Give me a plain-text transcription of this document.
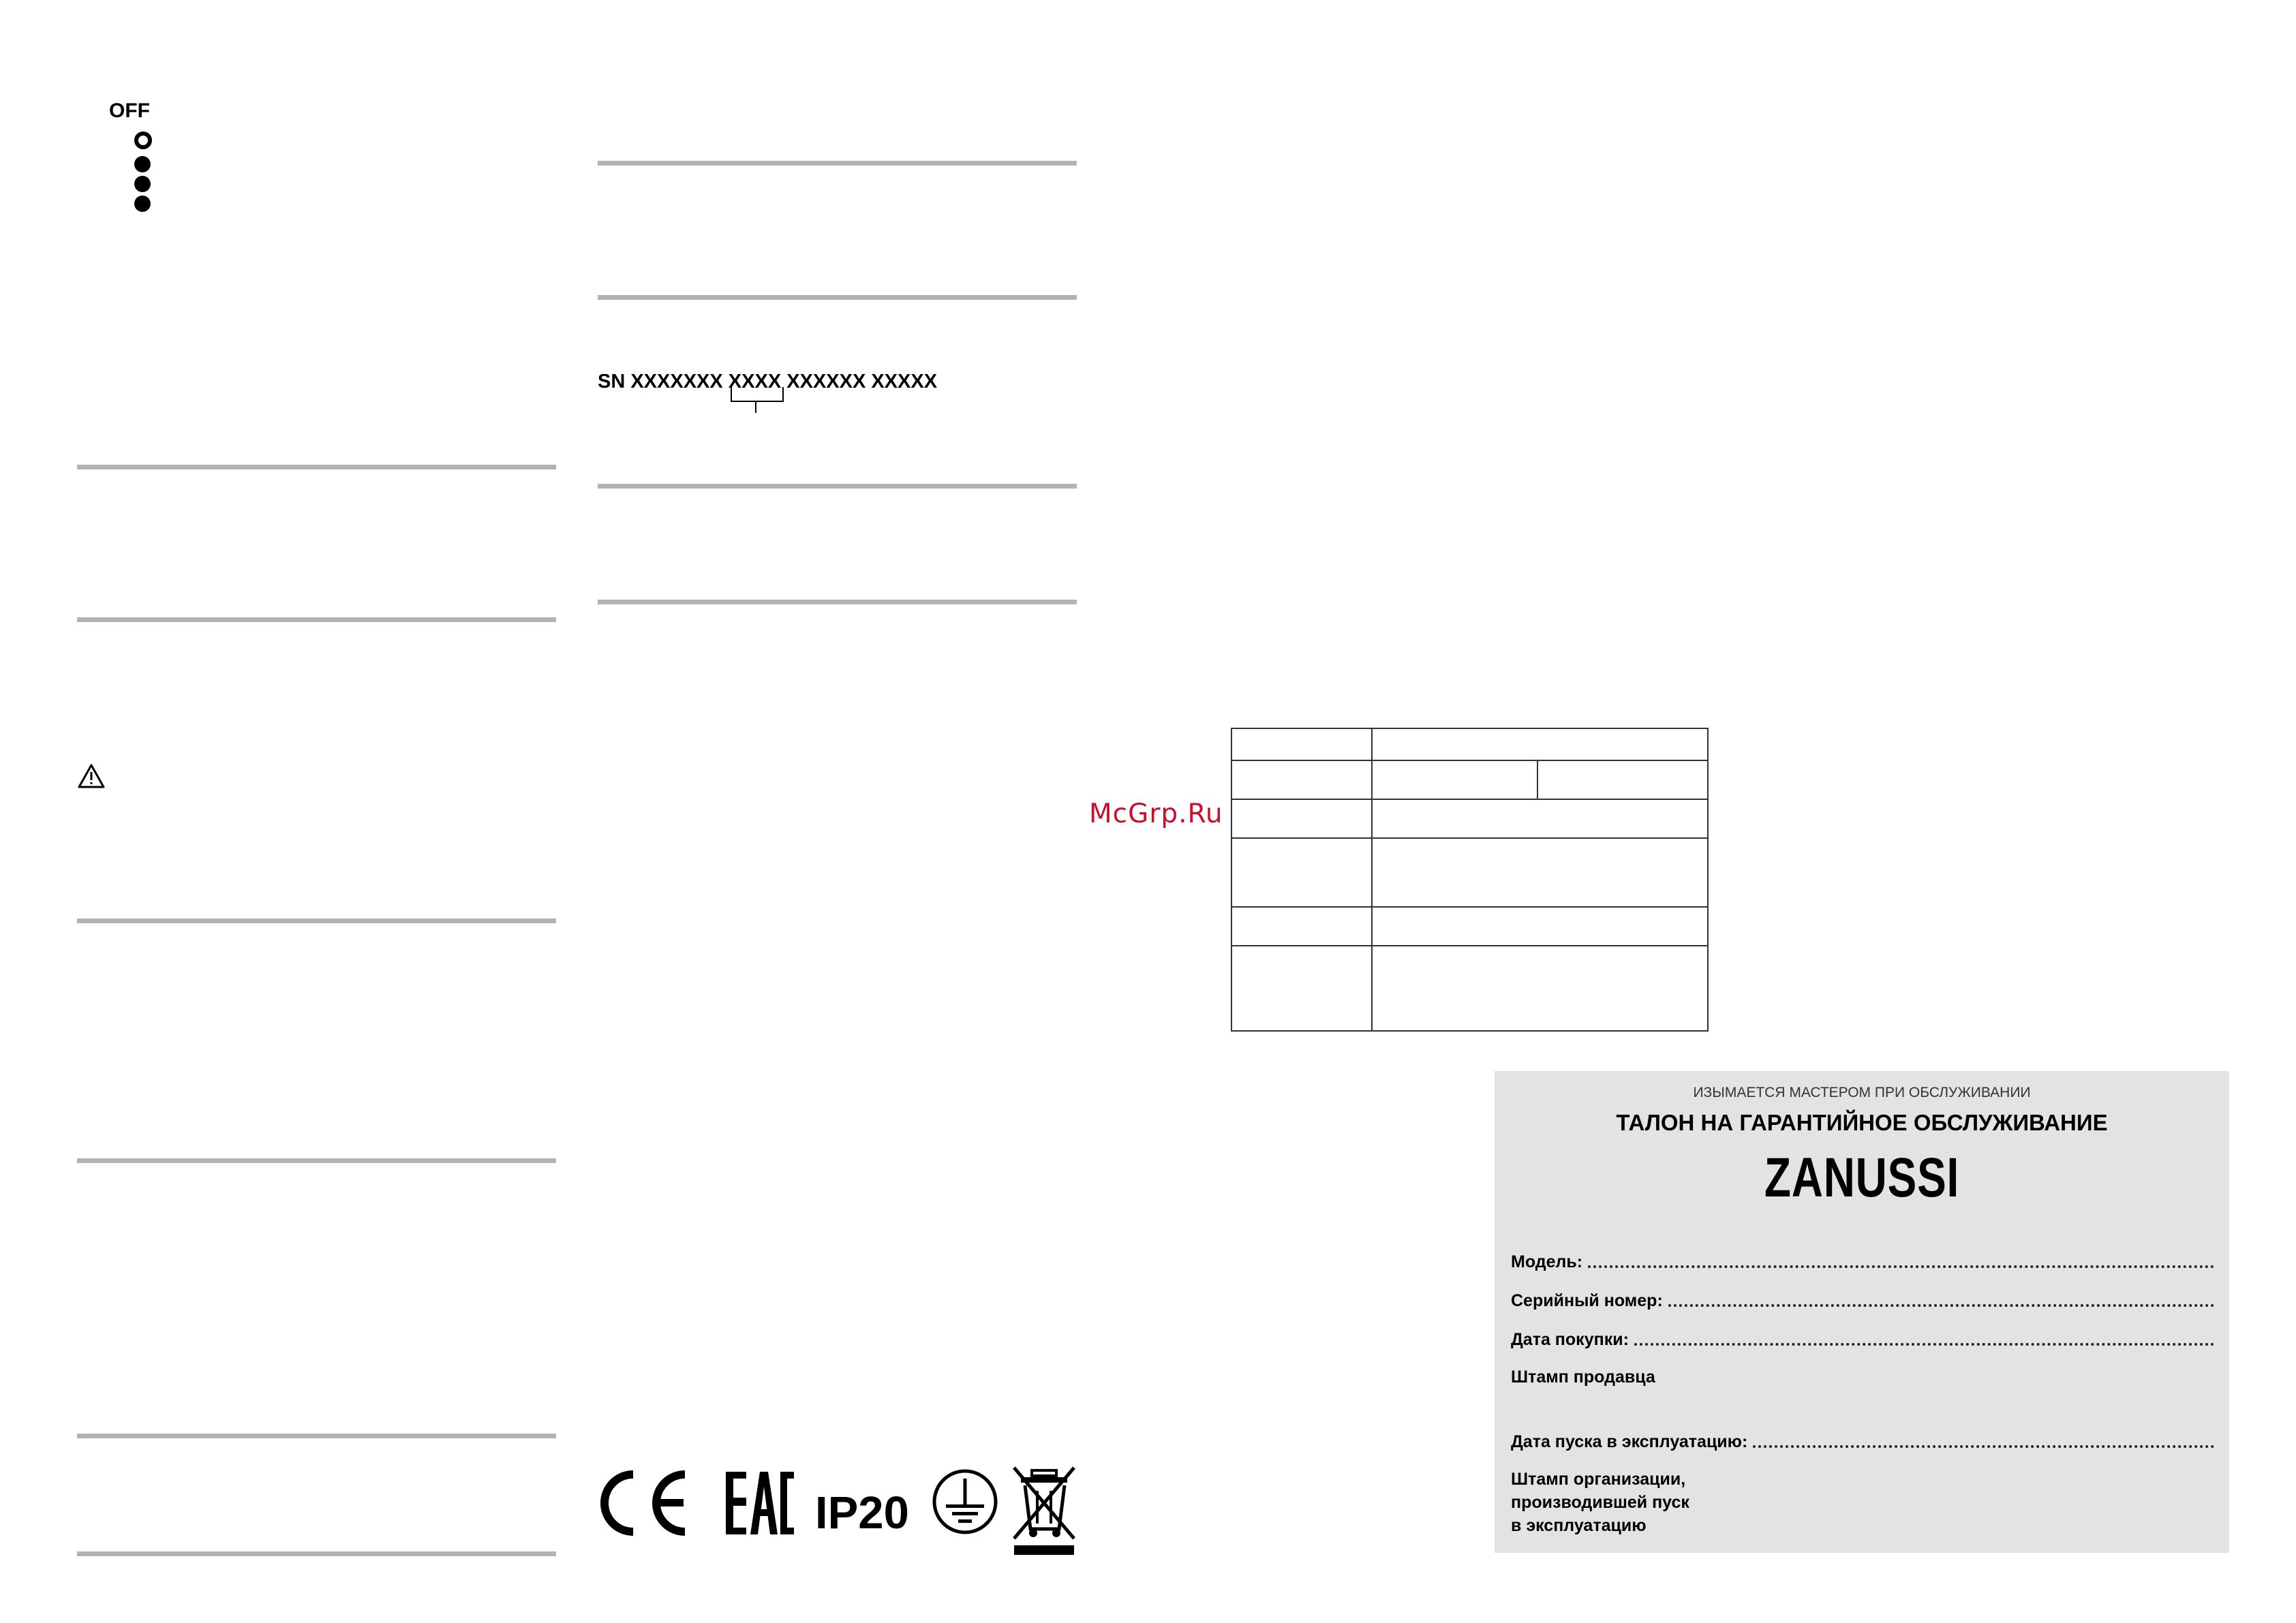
OFF
SN XXXXXXX XXXX XXXXXX XXXXX
McGrp.Ru

ИЗЫМАЕТСЯ МАСТЕРОМ ПРИ ОБСЛУЖИВАНИИ
ТАЛОН НА ГАРАНТИЙНОЕ ОБСЛУЖИВАНИЕ
ZANUSSI
Модель:
Серийный номер:
Дата покупки:
Штамп продавца
Дата пуска в эксплуатацию:
Штамп организации,
производившей пуск
в эксплуатацию
IP20
